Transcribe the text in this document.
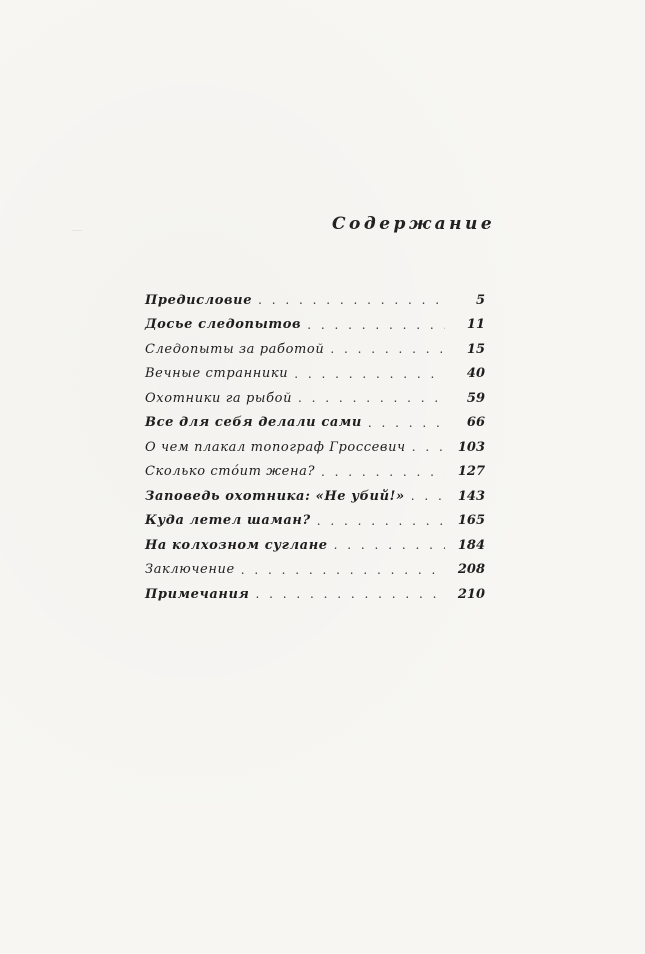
Содержание
Предисловие . . .	5
Досье следопытов . . .	11
Следопыты за работой . . .	15
Вечные странники . . .	40
Охотники га рыбой . . .	59
Все для себя делали сами . . .	66
О чем плакал топограф Гроссевич . . .	103
Сколько стóит жена? . . .	127
Заповедь охотника: «Не убий!» . . .	143
Куда летел шаман? . . .	165
На колхозном суглане . . .	184
Заключение . . .	208
Примечания . . .	210
